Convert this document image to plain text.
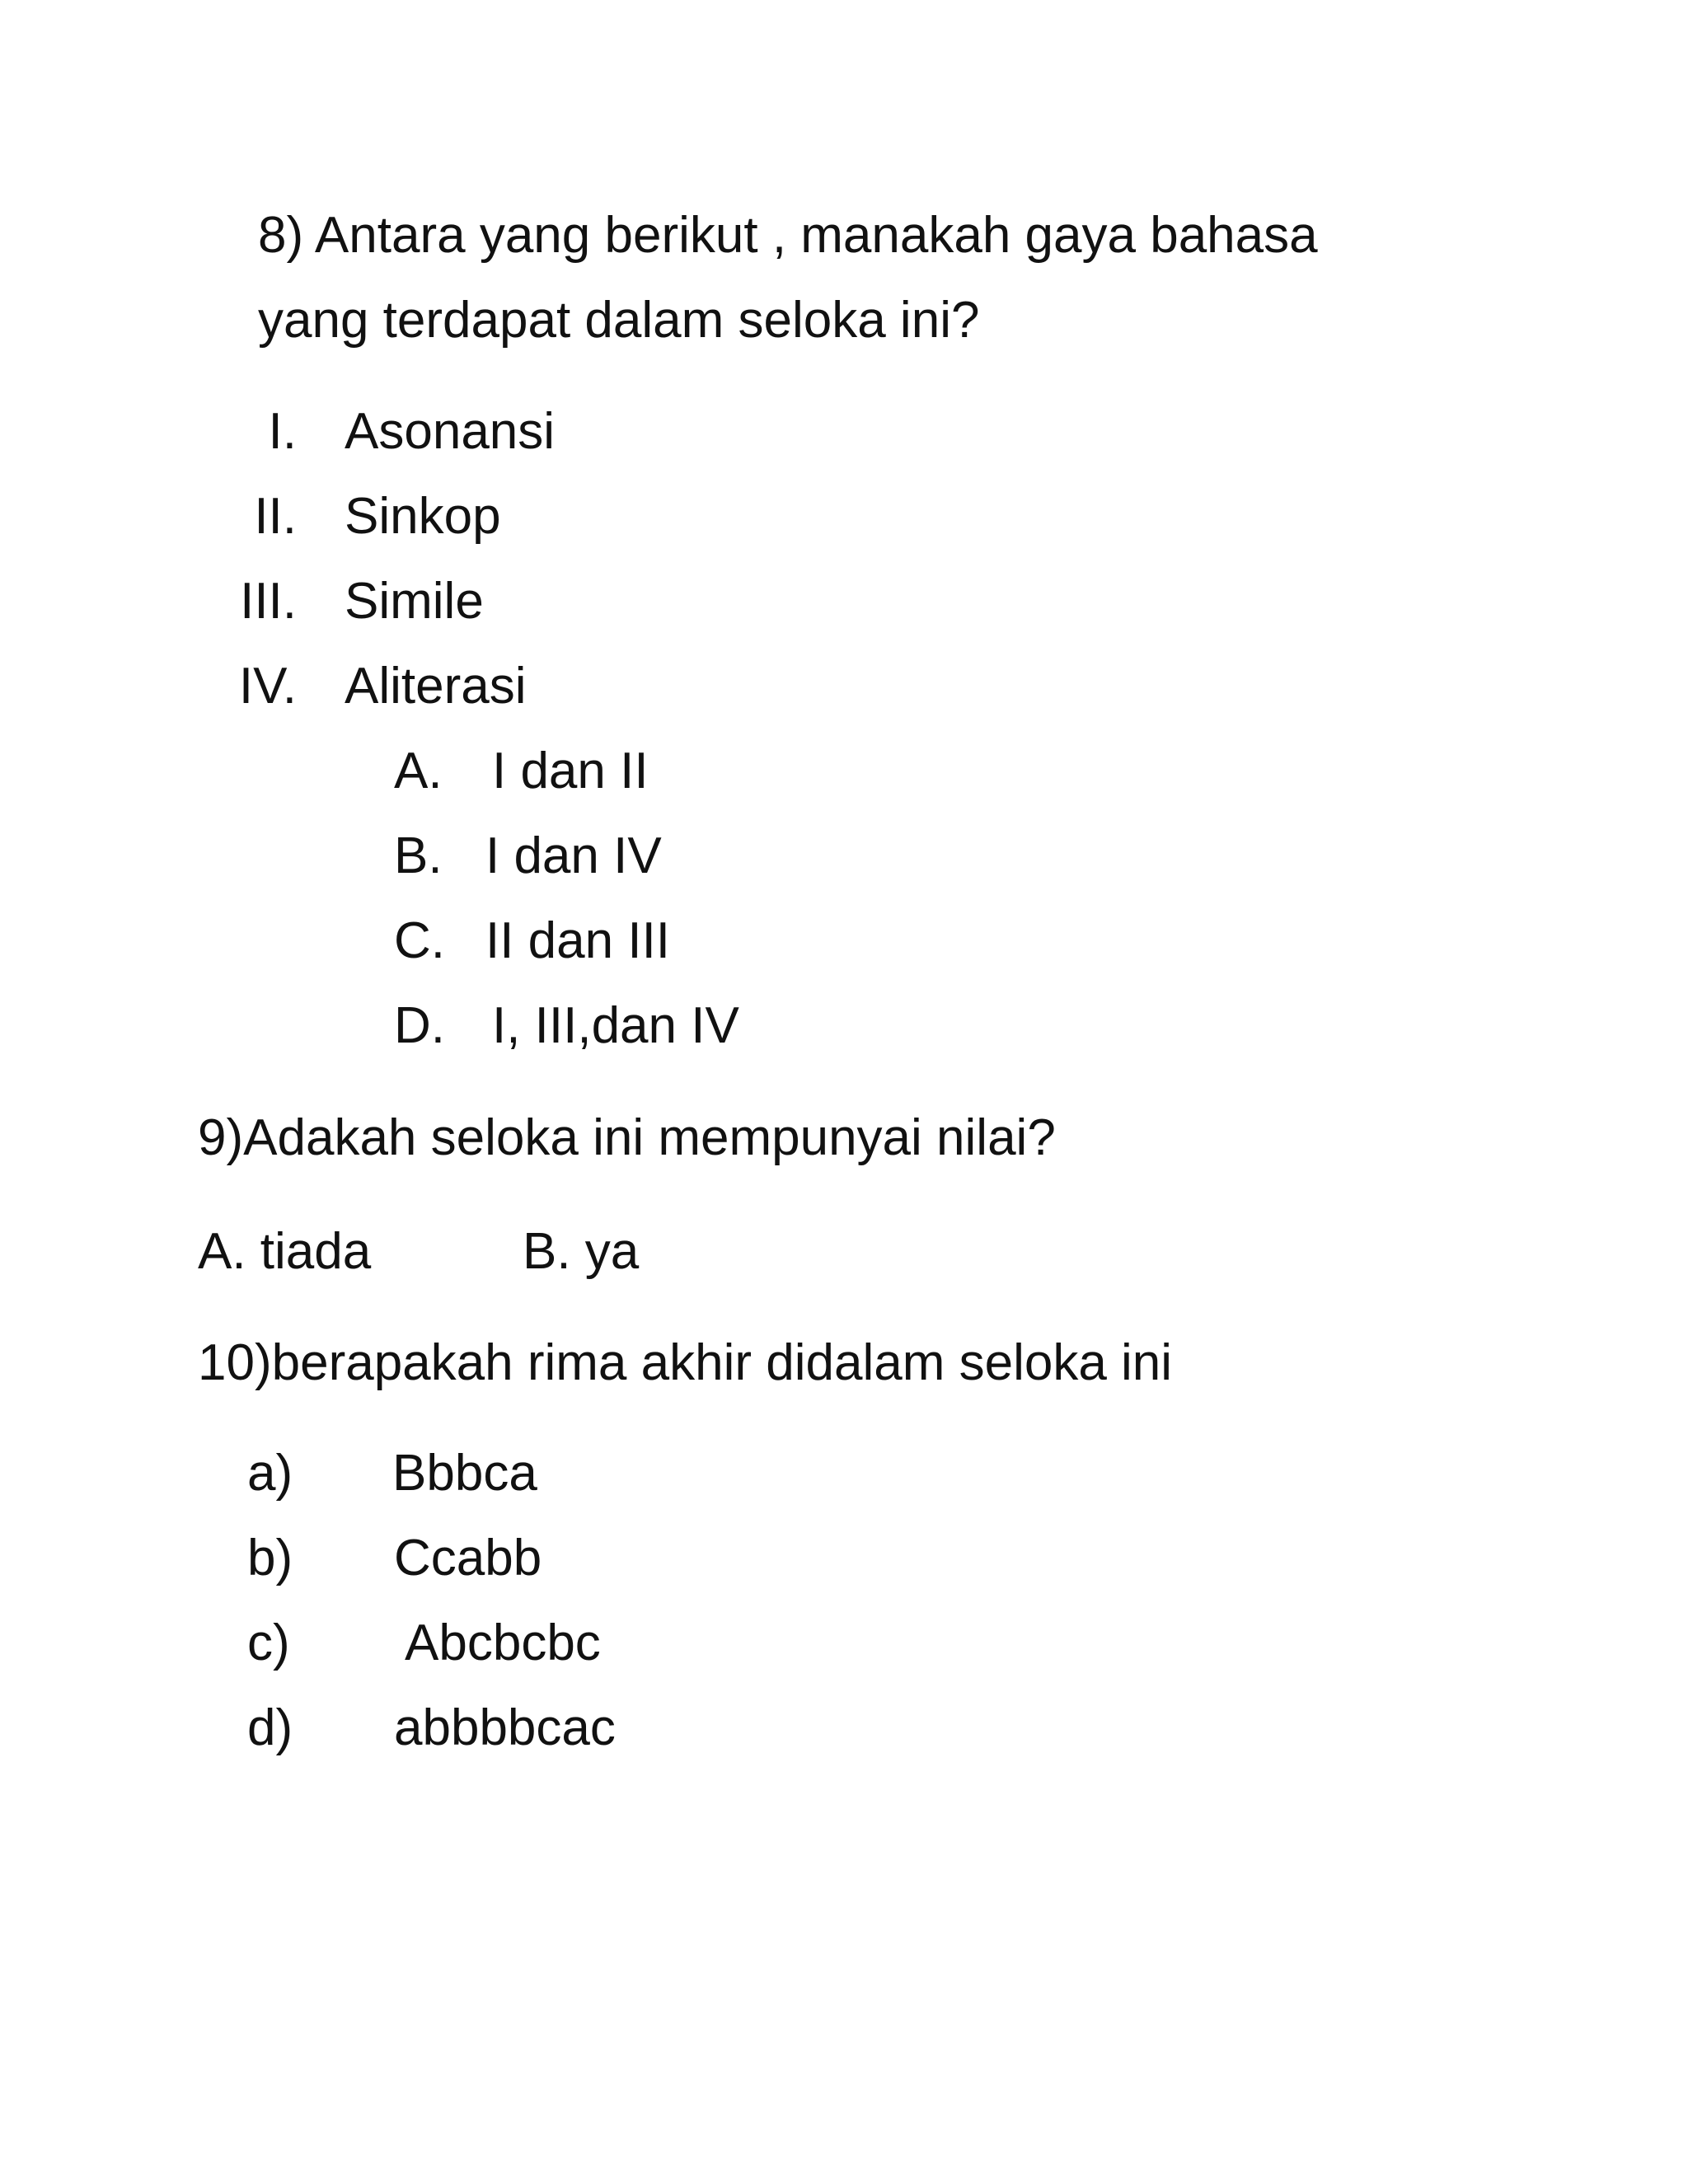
8) Antara yang berikut , manakah gaya bahasa
yang terdapat dalam seloka ini?
I. Asonansi
II. Sinkop
III. Simile
IV. Aliterasi
A. I dan II
B. I dan IV
C. II dan III
D. I, III,dan IV
9)Adakah seloka ini mempunyai nilai?
A. tiada	B. ya
10)berapakah rima akhir didalam seloka ini
a) Bbbca
b) Ccabb
c) Abcbcbc
d) abbbbcac
